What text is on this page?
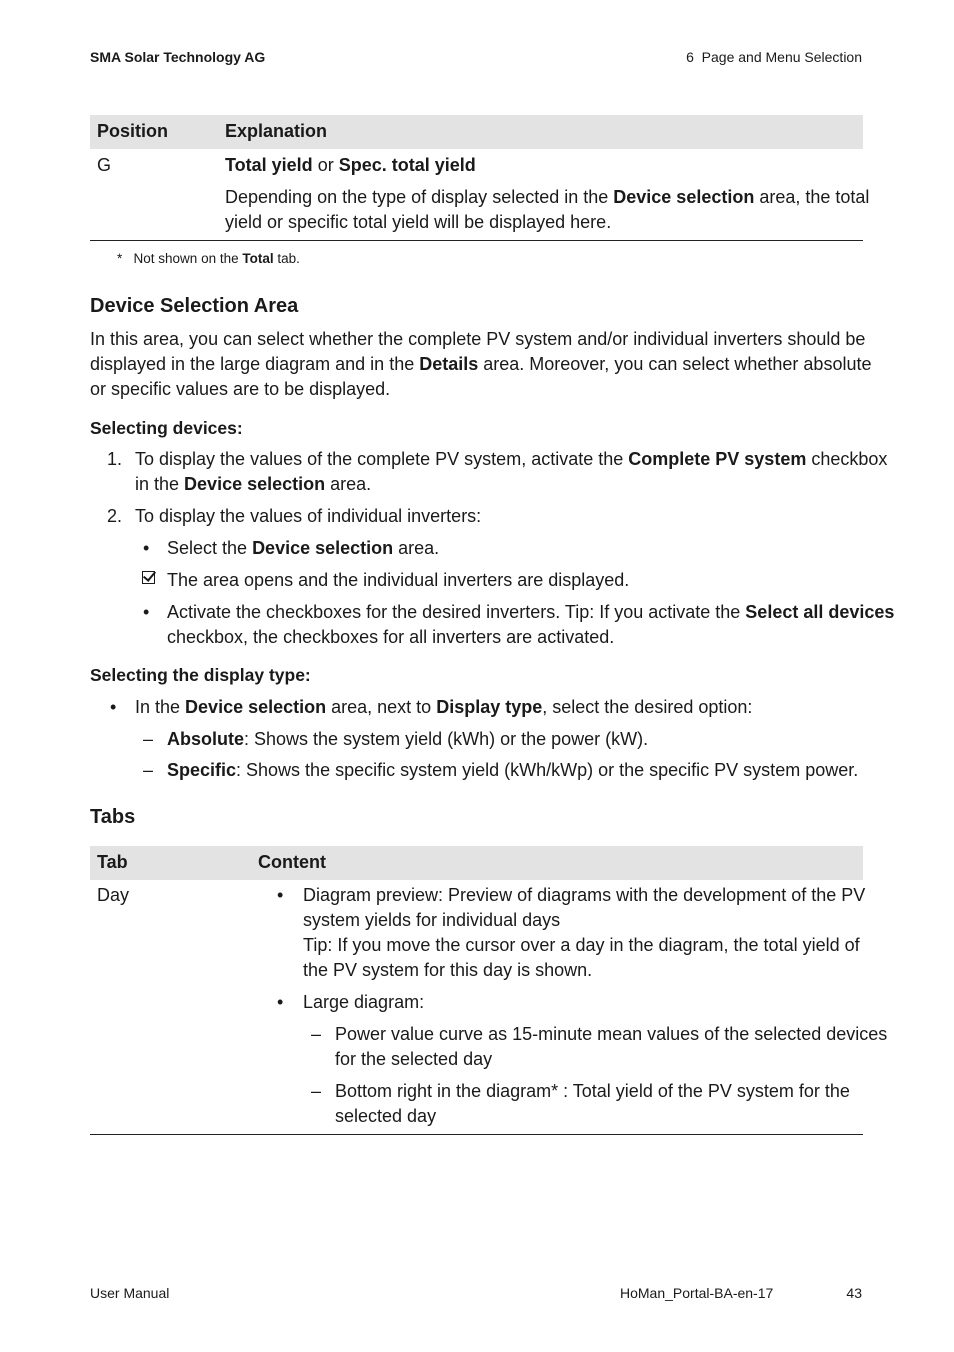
SMA Solar Technology AG	6  Page and Menu Selection
Position	Explanation
G	Total yield or Spec. total yield
Depending on the type of display selected in the Device selection area, the total
yield or specific total yield will be displayed here.
* Not shown on the Total tab.
Device Selection Area
In this area, you can select whether the complete PV system and/or individual inverters should be
displayed in the large diagram and in the Details area. Moreover, you can select whether absolute
or specific values are to be displayed.
Selecting devices:
1. To display the values of the complete PV system, activate the Complete PV system checkbox
in the Device selection area.
2. To display the values of individual inverters:
• Select the Device selection area.
The area opens and the individual inverters are displayed.
• Activate the checkboxes for the desired inverters. Tip: If you activate the Select all devices
checkbox, the checkboxes for all inverters are activated.
Selecting the display type:
• In the Device selection area, next to Display type, select the desired option:
– Absolute: Shows the system yield (kWh) or the power (kW).
– Specific: Shows the specific system yield (kWh/kWp) or the specific PV system power.
Tabs
Tab	Content
Day	• Diagram preview: Preview of diagrams with the development of the PV
system yields for individual days
Tip: If you move the cursor over a day in the diagram, the total yield of
the PV system for this day is shown.
• Large diagram:
– Power value curve as 15-minute mean values of the selected devices
for the selected day
– Bottom right in the diagram* : Total yield of the PV system for the
selected day
User Manual	HoMan_Portal-BA-en-17	43
